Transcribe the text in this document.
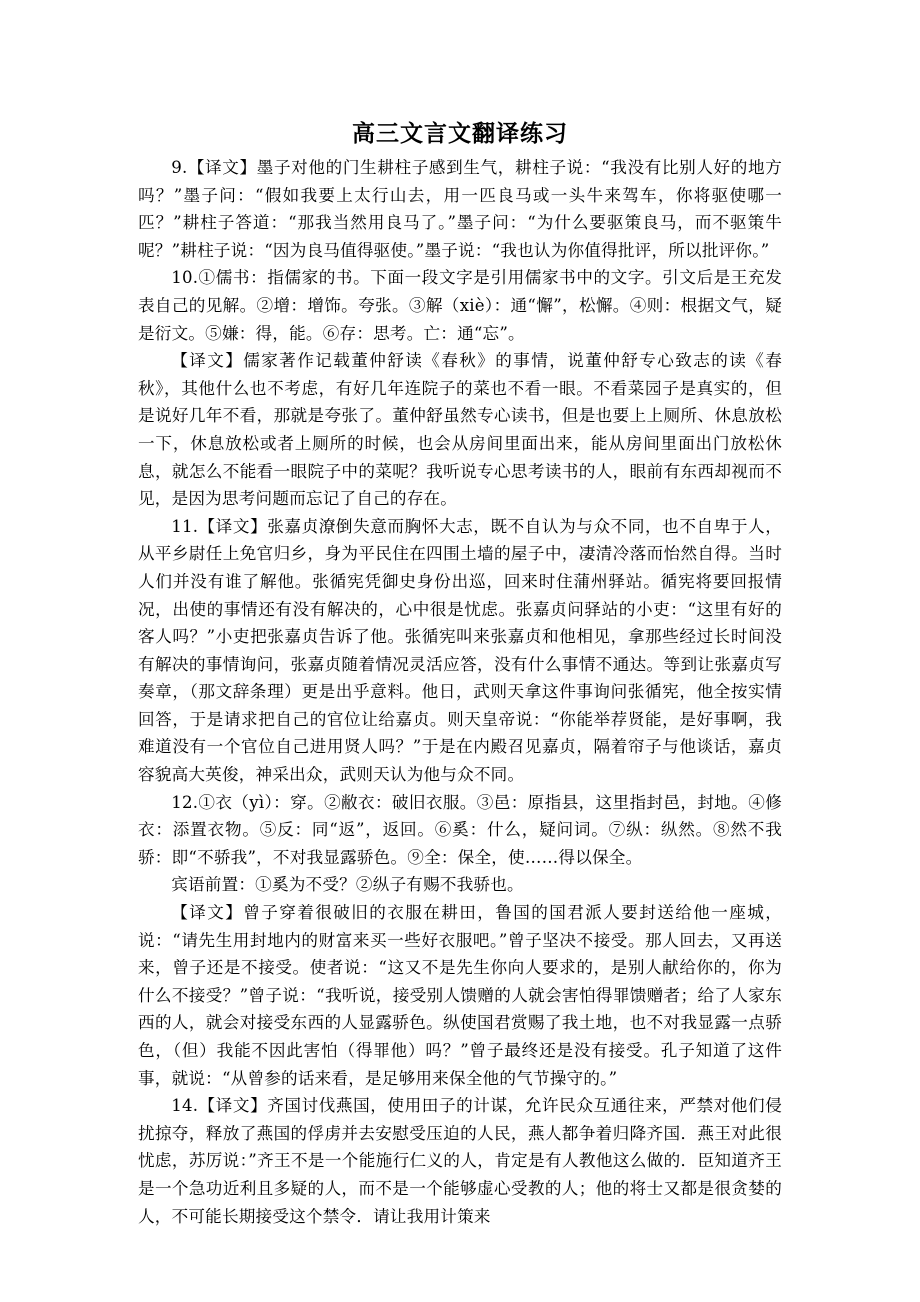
高三文言文翻译练习

9.【译文】墨子对他的门生耕柱子感到生气，耕柱子说：“我没有比别人好的地方吗？”墨子问：“假如我要上太行山去，用一匹良马或一头牛来驾车，你将驱使哪一匹？”耕柱子答道：“那我当然用良马了。”墨子问：“为什么要驱策良马，而不驱策牛呢？”耕柱子说：“因为良马值得驱使。”墨子说：“我也认为你值得批评，所以批评你。”

10.①儒书：指儒家的书。下面一段文字是引用儒家书中的文字。引文后是王充发表自己的见解。②增：增饰。夸张。③解（xiè）：通“懈”，松懈。④则：根据文气，疑是衍文。⑤嫌：得，能。⑥存：思考。亡：通“忘”。

【译文】儒家著作记载董仲舒读《春秋》的事情，说董仲舒专心致志的读《春秋》，其他什么也不考虑，有好几年连院子的菜也不看一眼。不看菜园子是真实的，但是说好几年不看，那就是夸张了。董仲舒虽然专心读书，但是也要上上厕所、休息放松一下，休息放松或者上厕所的时候，也会从房间里面出来，能从房间里面出门放松休息，就怎么不能看一眼院子中的菜呢？我听说专心思考读书的人，眼前有东西却视而不见，是因为思考问题而忘记了自己的存在。

11.【译文】张嘉贞潦倒失意而胸怀大志，既不自认为与众不同，也不自卑于人，从平乡尉任上免官归乡，身为平民住在四围土墙的屋子中，凄清冷落而怡然自得。当时人们并没有谁了解他。张循宪凭御史身份出巡，回来时住蒲州驿站。循宪将要回报情况，出使的事情还有没有解决的，心中很是忧虑。张嘉贞问驿站的小吏：“这里有好的客人吗？”小吏把张嘉贞告诉了他。张循宪叫来张嘉贞和他相见，拿那些经过长时间没有解决的事情询问，张嘉贞随着情况灵活应答，没有什么事情不通达。等到让张嘉贞写奏章，（那文辞条理）更是出乎意料。他日，武则天拿这件事询问张循宪，他全按实情回答，于是请求把自己的官位让给嘉贞。则天皇帝说：“你能举荐贤能，是好事啊，我难道没有一个官位自己进用贤人吗？”于是在内殿召见嘉贞，隔着帘子与他谈话，嘉贞容貌高大英俊，神采出众，武则天认为他与众不同。

12.①衣（yì）：穿。②敝衣：破旧衣服。③邑：原指县，这里指封邑，封地。④修衣：添置衣物。⑤反：同“返”，返回。⑥奚：什么，疑问词。⑦纵：纵然。⑧然不我骄：即“不骄我”，不对我显露骄色。⑨全：保全，使……得以保全。

宾语前置：①奚为不受？②纵子有赐不我骄也。

【译文】曾子穿着很破旧的衣服在耕田，鲁国的国君派人要封送给他一座城，说：“请先生用封地内的财富来买一些好衣服吧。”曾子坚决不接受。那人回去，又再送来，曾子还是不接受。使者说：“这又不是先生你向人要求的，是别人献给你的，你为什么不接受？”曾子说：“我听说，接受别人馈赠的人就会害怕得罪馈赠者；给了人家东西的人，就会对接受东西的人显露骄色。纵使国君赏赐了我土地，也不对我显露一点骄色，（但）我能不因此害怕（得罪他）吗？”曾子最终还是没有接受。孔子知道了这件事，就说：“从曾参的话来看，是足够用来保全他的气节操守的。”

14.【译文】齐国讨伐燕国，使用田子的计谋，允许民众互通往来，严禁对他们侵扰掠夺，释放了燕国的俘虏并去安慰受压迫的人民，燕人都争着归降齐国．燕王对此很忧虑，苏厉说：”齐王不是一个能施行仁义的人，肯定是有人教他这么做的．臣知道齐王是一个急功近利且多疑的人，而不是一个能够虚心受教的人；他的将士又都是很贪婪的人，不可能长期接受这个禁令．请让我用计策来
